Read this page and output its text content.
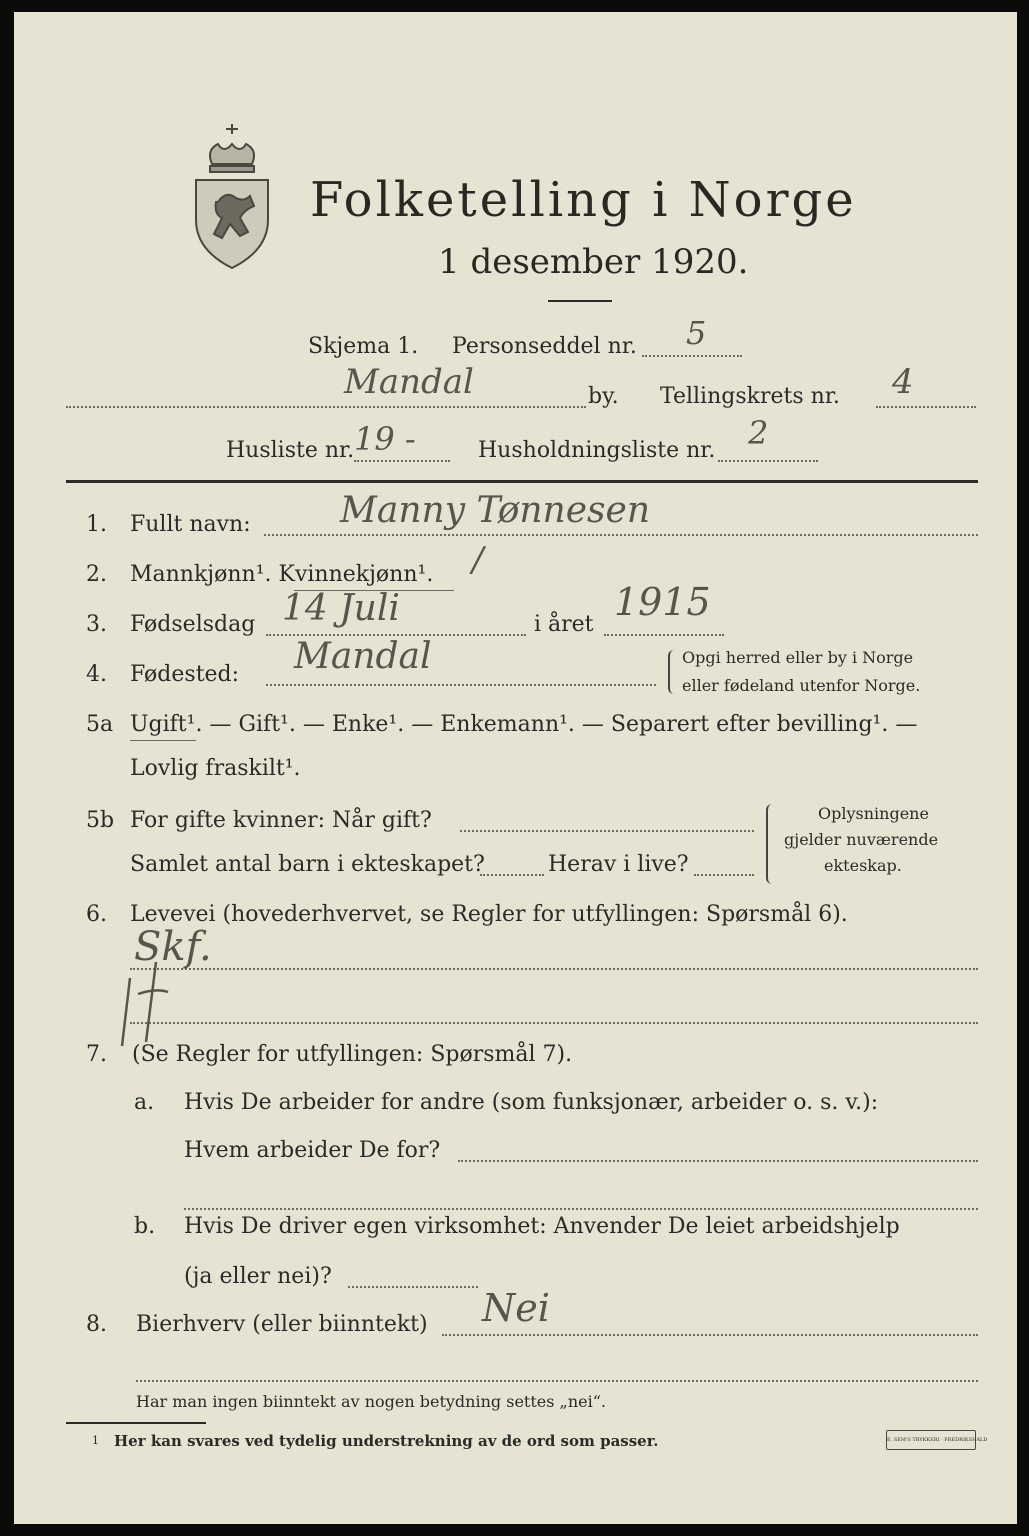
Folketelling i Norge
1 desember 1920.
Skjema 1. Personseddel nr. 5
Mandal	by. Tellingskrets nr. 4
Husliste nr. 19 -	Husholdningsliste nr. 2
1. Fullt navn: Manny Tønnesen
2. Mannkjønn¹. Kvinnekjønn¹. /
3. Fødselsdag 14 Juli	i året
1915
4. Fødested: Mandal	Opgi herred eller by i Norge
eller fødeland utenfor Norge.
5a Ugift¹. — Gift¹. — Enke¹. — Enkemann¹. — Separert efter bevilling¹. —
Lovlig fraskilt¹.
5b For gifte kvinner: Når gift?
Samlet antal barn i ekteskapet?	Herav i live?
Oplysningene
gjelder nuværende
ekteskap.
6. Levevei (hovederhvervet, se Regler for utfyllingen: Spørsmål 6).
Skf.
7. (Se Regler for utfyllingen: Spørsmål 7).
a. Hvis De arbeider for andre (som funksjonær, arbeider o. s. v.):
Hvem arbeider De for?
b. Hvis De driver egen virksomhet: Anvender De leiet arbeidshjelp
(ja eller nei)?
8. Bierhverv (eller biinntekt) Nei
Har man ingen biinntekt av nogen betydning settes „nei“.
1 Her kan svares ved tydelig understrekning av de ord som passer.	E. SEM'S TRYKKERI · FREDRIKSHALD
